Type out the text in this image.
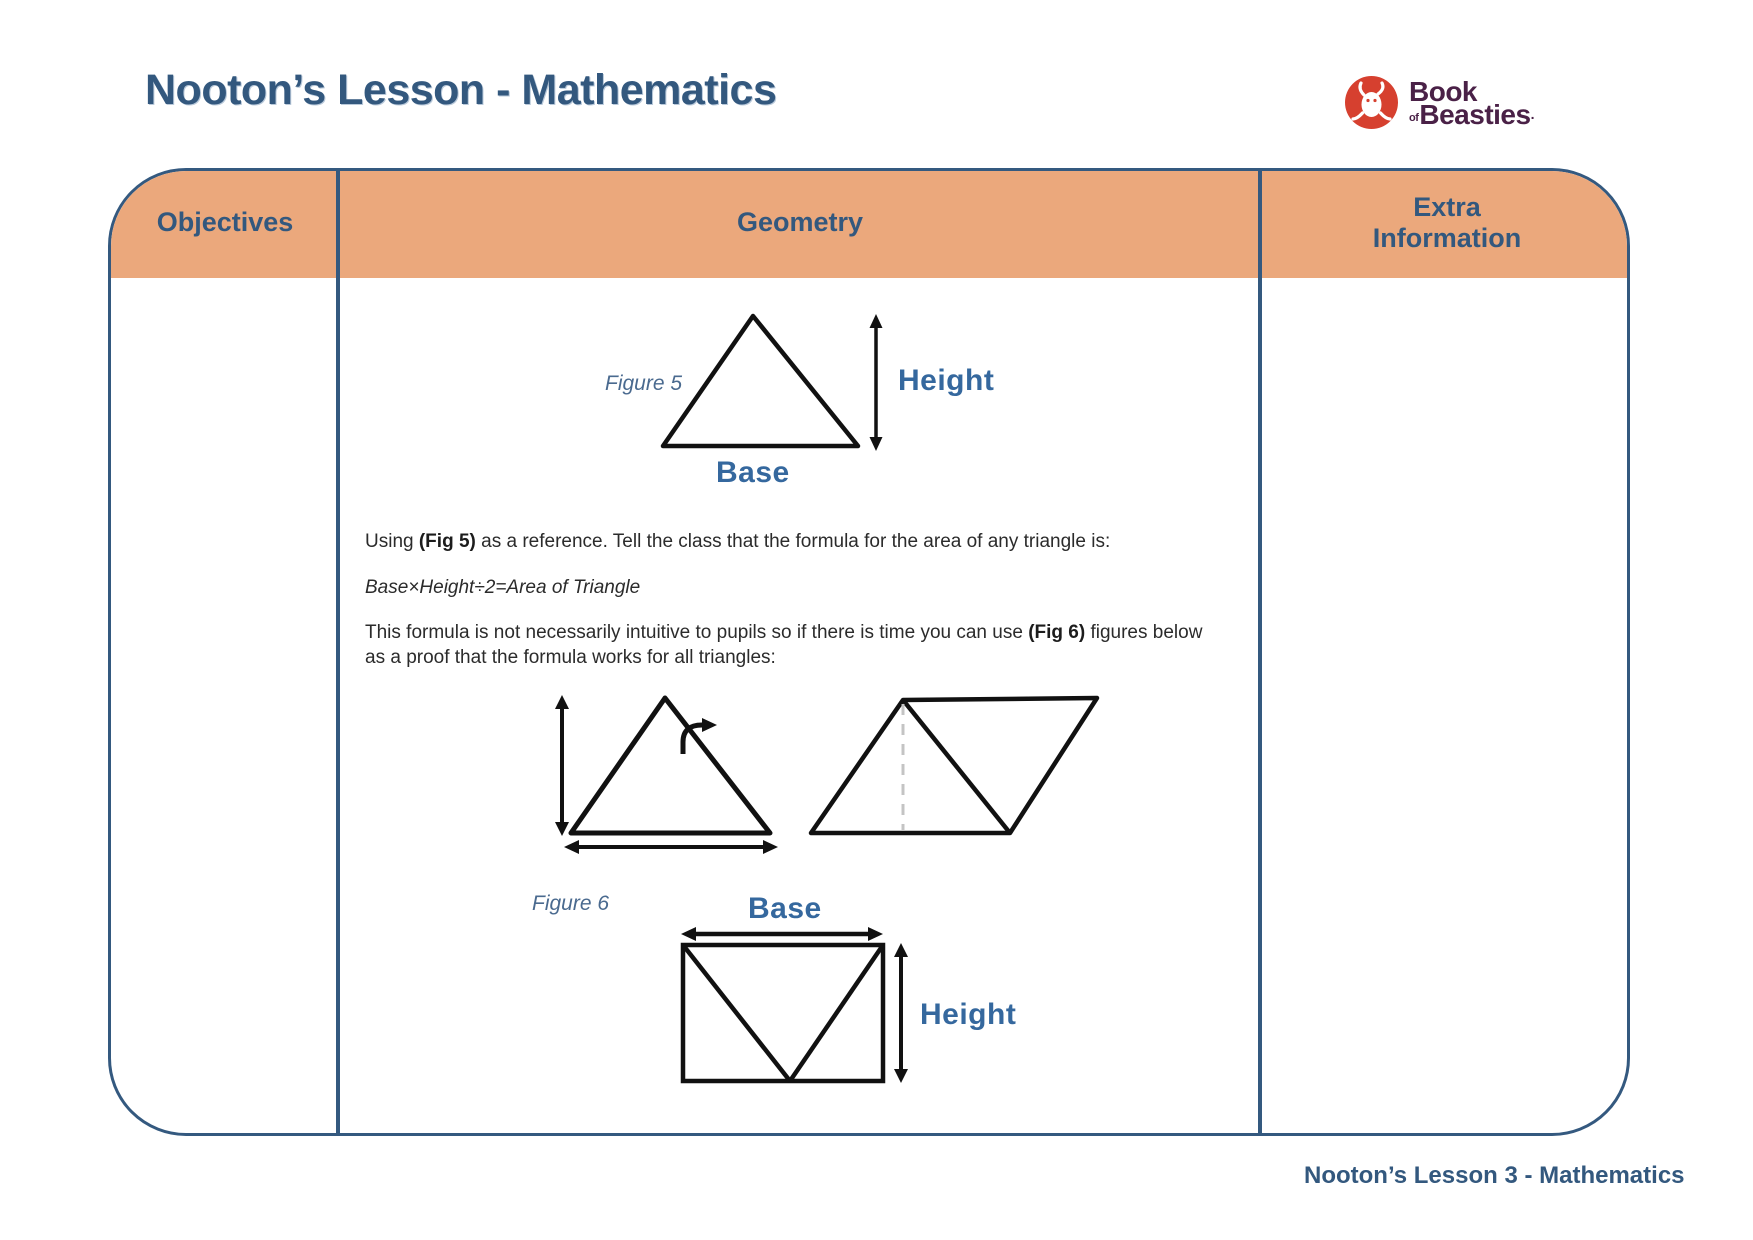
Nooton’s Lesson - Mathematics	Book
of Beasties .
Objectives	Geometry	Extra Information
Figure 5	Height
Base

Using (Fig 5) as a reference. Tell the class that the formula for the area of any triangle is:

Base×Height÷2=Area of Triangle

This formula is not necessarily intuitive to pupils so if there is time you can use (Fig 6) figures below
as a proof that the formula works for all triangles:

Figure 6	Base
Height
Nooton’s Lesson 3 - Mathematics
